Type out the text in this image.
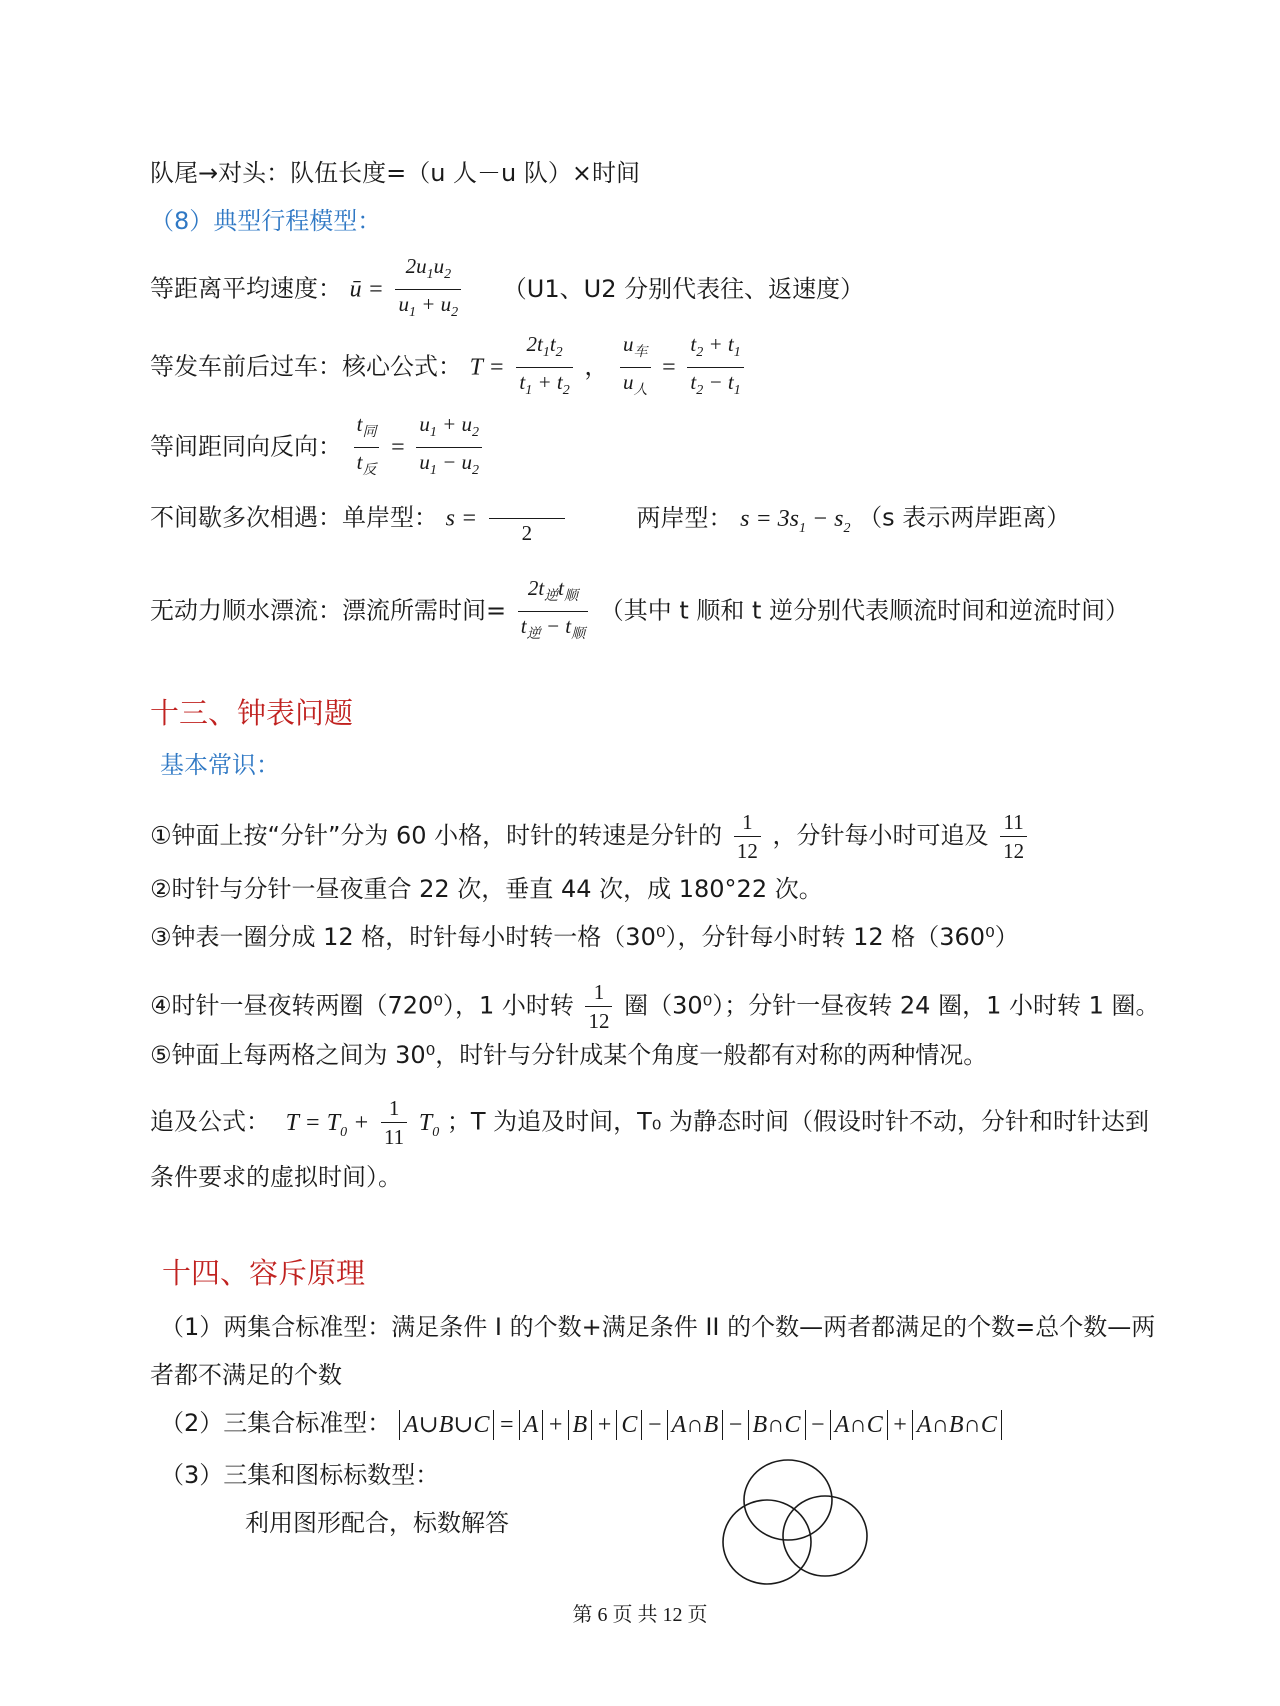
队尾→对头：队伍长度=（u 人－u 队）×时间
（8）典型行程模型：
等距离平均速度： ū = $\frac{2u_1u_2}{u_1 + u_2} (U1$、U2 分别代表往、返速度）
等发车前后过车：核心公式： $T = \frac{2t_1t_2}{t_1 + t_2}$ ， $\frac{u_车}{u_人} = \frac{t_2 + t_1}{t_2 - t_1}$
等间距同向反向： $\frac{t_同}{t_反} = \frac{u_1 + u_2}{u_1 - u_2}$
不间歇多次相遇：单岸型： s =

2
两岸型： $s = 3s_1 - s_2$ （s 表示两岸距离）
无动力顺水漂流：漂流所需时间= $\frac{2t_逆t_顺}{t_逆 - t_顺}$ （其中 t 顺和 t 逆分别代表顺流时间和逆流时间）
十三、钟表问题
基本常识：
①钟面上按“分针”分为 60 小格，时针的转速是分针的 $\frac{1}{12}$ ，分针每小时可追及 $\frac{11}{12}$
②时针与分针一昼夜重合 22 次，垂直 44 次，成 180°22 次。
③钟表一圈分成 12 格，时针每小时转一格（30⁰），分针每小时转 12 格（360⁰）
④时针一昼夜转两圈（720⁰），1 小时转 $\frac{1}{12}$ 圈（30⁰）；分针一昼夜转 24 圈，1 小时转 1 圈。
⑤钟面上每两格之间为 30⁰，时针与分针成某个角度一般都有对称的两种情况。
追及公式： $T = T_0 + \frac{1}{11} T_0$ ；T 为追及时间，T₀ 为静态时间（假设时针不动，分针和时针达到
条件要求的虚拟时间）。
十四、容斥原理
（1）两集合标准型：满足条件 I 的个数+满足条件 II 的个数—两者都满足的个数=总个数—两
者都不满足的个数
（2）三集合标准型： A∪B∪C =A + B + C − A∩B − B∩C − A∩C + A∩B∩C
（3）三集和图标标数型：
利用图形配合，标数解答
第 6 页 共 12 页
